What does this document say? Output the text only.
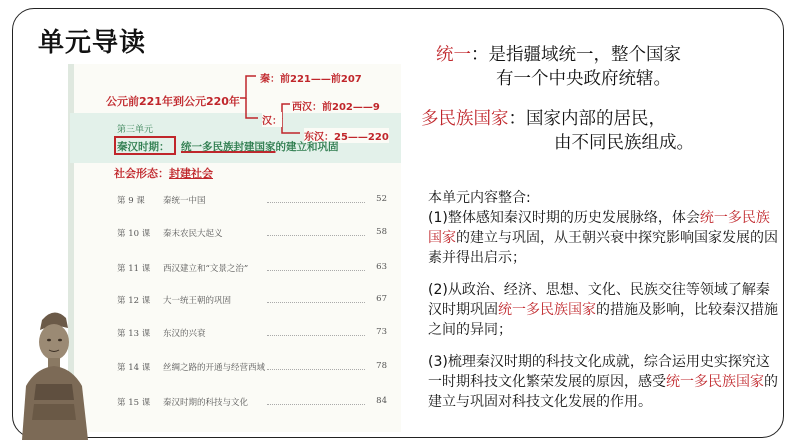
单元导读
公元前221年到公元220年
秦：前221——前207
汉：
西汉：前202——9
东汉：25——220
第三单元
秦汉时期： 统一多民族封建国家的建立和巩固
社会形态：封建社会
第 9 课 秦统一中国	52
第 10 课 秦末农民大起义	58
第 11 课 西汉建立和“文景之治”	63
第 12 课 大一统王朝的巩固	67
第 13 课 东汉的兴衰	73
第 14 课 丝绸之路的开通与经营西域	78
第 15 课 秦汉时期的科技与文化	84
统一：是指疆域统一，整个国家
有一个中央政府统辖。
多民族国家：国家内部的居民，
由不同民族组成。

本单元内容整合:

(1)整体感知秦汉时期的历史发展脉络，体会统一多民族国家的建立与巩固，从王朝兴衰中探究影响国家发展的因素并得出启示；

(2)从政治、经济、思想、文化、民族交往等领域了解秦汉时期巩固统一多民族国家的措施及影响，比较秦汉措施之间的异同；

(3)梳理秦汉时期的科技文化成就，综合运用史实探究这一时期科技文化繁荣发展的原因，感受统一多民族国家的建立与巩固对科技文化发展的作用。
